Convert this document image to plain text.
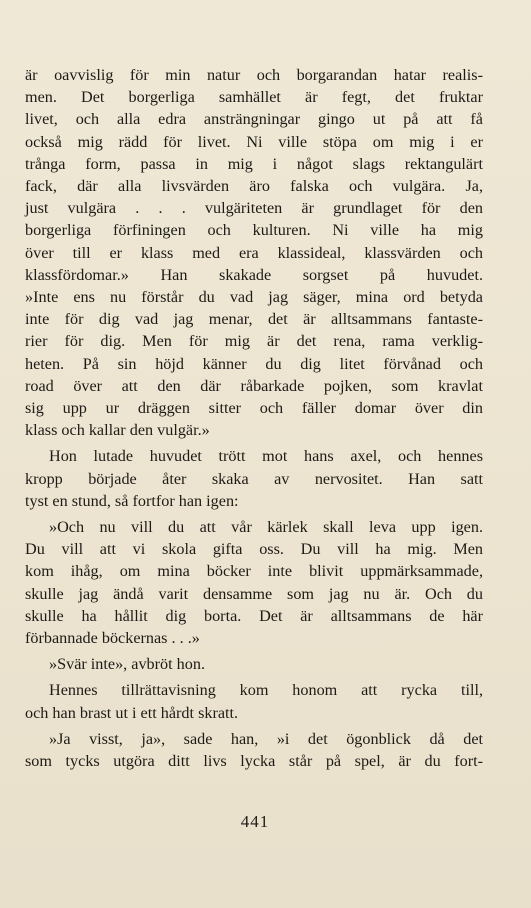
är oavvislig för min natur och borgarandan hatar realis-
men. Det borgerliga samhället är fegt, det fruktar
livet, och alla edra ansträngningar gingo ut på att få
också mig rädd för livet. Ni ville stöpa om mig i er
trånga form, passa in mig i något slags rektangulärt
fack, där alla livsvärden äro falska och vulgära. Ja,
just vulgära . . . vulgäriteten är grundlaget för den
borgerliga förfiningen och kulturen. Ni ville ha mig
över till er klass med era klassideal, klassvärden och
klassfördomar.» Han skakade sorgset på huvudet.
»Inte ens nu förstår du vad jag säger, mina ord betyda
inte för dig vad jag menar, det är alltsammans fantaste-
rier för dig. Men för mig är det rena, rama verklig-
heten. På sin höjd känner du dig litet förvånad och
road över att den där råbarkade pojken, som kravlat
sig upp ur dräggen sitter och fäller domar över din
klass och kallar den vulgär.»
Hon lutade huvudet trött mot hans axel, och hennes
kropp började åter skaka av nervositet. Han satt
tyst en stund, så fortfor han igen:
»Och nu vill du att vår kärlek skall leva upp igen.
Du vill att vi skola gifta oss. Du vill ha mig. Men
kom ihåg, om mina böcker inte blivit uppmärksammade,
skulle jag ändå varit densamme som jag nu är. Och du
skulle ha hållit dig borta. Det är alltsammans de här
förbannade böckernas . . .»
»Svär inte», avbröt hon.
Hennes tillrättavisning kom honom att rycka till,
och han brast ut i ett hårdt skratt.
»Ja visst, ja», sade han, »i det ögonblick då det
som tycks utgöra ditt livs lycka står på spel, är du fort-
441
